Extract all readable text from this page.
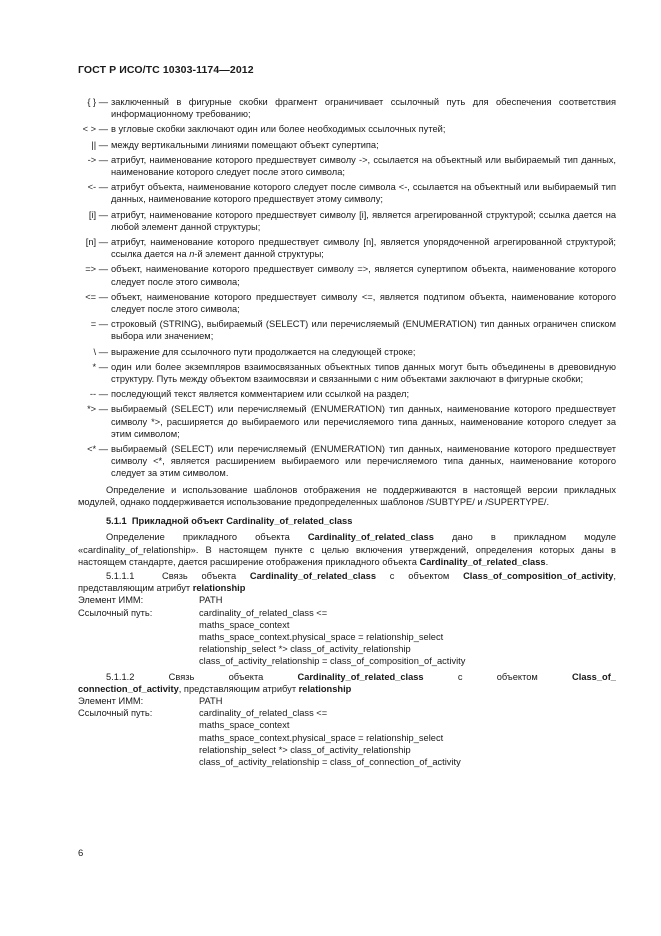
ГОСТ Р ИСО/ТС 10303-1174—2012
{ } — заключенный в фигурные скобки фрагмент ограничивает ссылочный путь для обеспечения соответствия информационному требованию;
< > — в угловые скобки заключают один или более необходимых ссылочных путей;
|| — между вертикальными линиями помещают объект супертипа;
-> — атрибут, наименование которого предшествует символу ->, ссылается на объектный или выбираемый тип данных, наименование которого следует после этого символа;
<- — атрибут объекта, наименование которого следует после символа <-, ссылается на объектный или выбираемый тип данных, наименование которого предшествует этому символу;
[i] — атрибут, наименование которого предшествует символу [i], является агрегированной структурой; ссылка дается на любой элемент данной структуры;
[n] — атрибут, наименование которого предшествует символу [n], является упорядоченной агрегированной структурой; ссылка дается на n-й элемент данной структуры;
=> — объект, наименование которого предшествует символу =>, является супертипом объекта, наименование которого следует после этого символа;
<= — объект, наименование которого предшествует символу <=, является подтипом объекта, наименование которого следует после этого символа;
= — строковый (STRING), выбираемый (SELECT) или перечисляемый (ENUMERATION) тип данных ограничен списком выбора или значением;
\ — выражение для ссылочного пути продолжается на следующей строке;
* — один или более экземпляров взаимосвязанных объектных типов данных могут быть объединены в древовидную структуру. Путь между объектом взаимосвязи и связанными с ним объектами заключают в фигурные скобки;
-- — последующий текст является комментарием или ссылкой на раздел;
*> — выбираемый (SELECT) или перечисляемый (ENUMERATION) тип данных, наименование которого предшествует символу *>, расширяется до выбираемого или перечисляемого типа данных, наименование которого следует за этим символом;
<* — выбираемый (SELECT) или перечисляемый (ENUMERATION) тип данных, наименование которого предшествует символу <*, является расширением выбираемого или перечисляемого типа данных, наименование которого следует за этим символом.

Определение и использование шаблонов отображения не поддерживаются в настоящей версии прикладных модулей, однако поддерживается использование предопределенных шаблонов /SUBTYPE/ и /SUPERTYPE/.

5.1.1 Прикладной объект Cardinality_of_related_class

Определение прикладного объекта Cardinality_of_related_class дано в прикладном модуле «cardinality_of_relationship». В настоящем пункте с целью включения утверждений, определения которых даны в настоящем стандарте, дается расширение отображения прикладного объекта Cardinality_of_related_class.

5.1.1.1	Связь объекта Cardinality_of_related_class с объектом Class_of_composition_of_activity, представляющим атрибут relationship

Элемент ИММ:	PATH
Ссылочный путь:	cardinality_of_related_class <=
maths_space_context
maths_space_context.physical_space = relationship_select
relationship_select *> class_of_activity_relationship
class_of_activity_relationship = class_of_composition_of_activity
5.1.1.2	Связь	объекта	Cardinality_of_related_class	с	объектом	Class_of_
connection_of_activity, представляющим атрибут relationship
Элемент ИММ:	PATH
Ссылочный путь:	cardinality_of_related_class <=
maths_space_context
maths_space_context.physical_space = relationship_select
relationship_select *> class_of_activity_relationship
class_of_activity_relationship = class_of_connection_of_activity
6
